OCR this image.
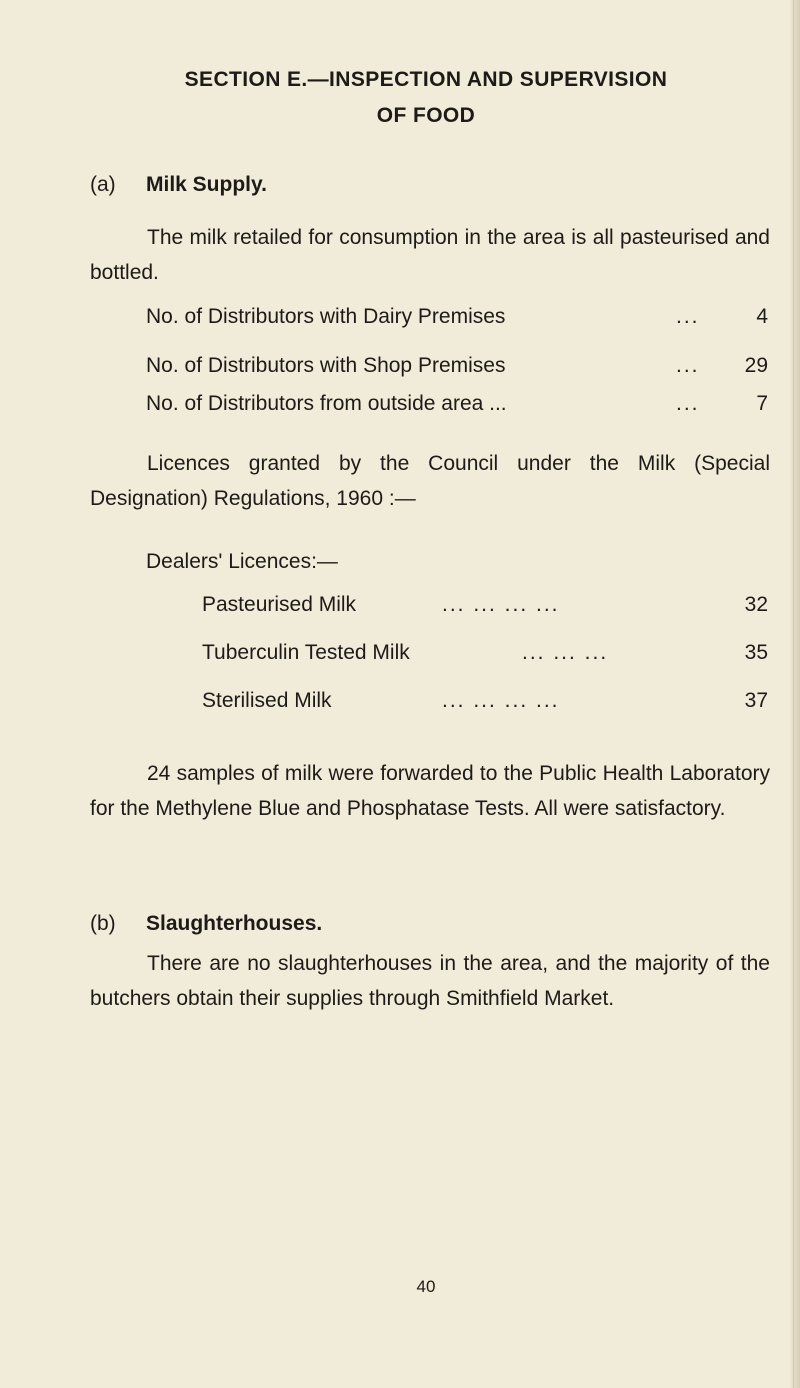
SECTION E.—INSPECTION AND SUPERVISION
OF FOOD
(a) Milk Supply.
The milk retailed for consumption in the area is all pasteurised and bottled.
No. of Distributors with Dairy Premises	...	4
No. of Distributors with Shop Premises	... 29
No. of Distributors from outside area ...	...	7
Licences granted by the Council under the Milk (Special Designation) Regulations, 1960 :—
Dealers' Licences:—
Pasteurised Milk	... ... ... ...	32
Tuberculin Tested Milk	... ... ...	35
Sterilised Milk	... ... ... ...	37
24 samples of milk were forwarded to the Public Health Laboratory for the Methylene Blue and Phosphatase Tests. All were satisfactory.
(b) Slaughterhouses.
There are no slaughterhouses in the area, and the majority of the butchers obtain their supplies through Smithfield Market.
40
